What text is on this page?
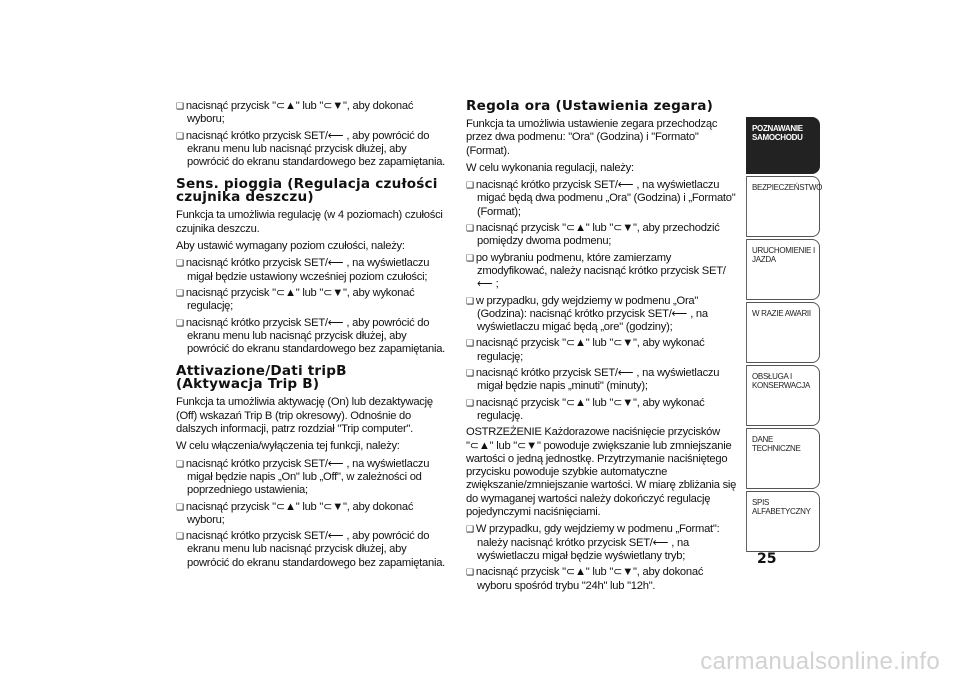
❑ nacisnąć przycisk "⊂▲" lub "⊂▼", aby dokonać wyboru;

❑ nacisnąć krótko przycisk SET/⟵ , aby powrócić do ekranu menu lub nacisnąć przycisk dłużej, aby powrócić do ekranu standardowego bez zapamiętania.

Sens. pioggia (Regulacja czułości
czujnika deszczu)

Funkcja ta umożliwia regulację (w 4 poziomach) czułości czujnika deszczu.

Aby ustawić wymagany poziom czułości, należy:

❑ nacisnąć krótko przycisk SET/⟵ , na wyświetlaczu migał będzie ustawiony wcześniej poziom czułości;

❑ nacisnąć przycisk "⊂▲" lub "⊂▼", aby wykonać regulację;

❑ nacisnąć krótko przycisk SET/⟵ , aby powrócić do ekranu menu lub nacisnąć przycisk dłużej, aby powrócić do ekranu standardowego bez zapamiętania.

Attivazione/Dati tripB
(Aktywacja Trip B)

Funkcja ta umożliwia aktywację (On) lub dezaktywację (Off) wskazań Trip B (trip okresowy). Odnośnie do dalszych informacji, patrz rozdział "Trip computer".

W celu włączenia/wyłączenia tej funkcji, należy:

❑ nacisnąć krótko przycisk SET/⟵ , na wyświetlaczu migał będzie napis „On" lub „Off", w zależności od poprzedniego ustawienia;

❑ nacisnąć przycisk "⊂▲" lub "⊂▼", aby dokonać wyboru;

❑ nacisnąć krótko przycisk SET/⟵ , aby powrócić do ekranu menu lub nacisnąć przycisk dłużej, aby powrócić do ekranu standardowego bez zapamiętania.

Regola ora (Ustawienia zegara)

Funkcja ta umożliwia ustawienie zegara przechodząc przez dwa podmenu: "Ora" (Godzina) i "Formato" (Format).

W celu wykonania regulacji, należy:

❑ nacisnąć krótko przycisk SET/⟵ , na wyświetlaczu migać będą dwa podmenu „Ora" (Godzina) i „Formato" (Format);

❑ nacisnąć przycisk "⊂▲" lub "⊂▼", aby przechodzić pomiędzy dwoma podmenu;

❑ po wybraniu podmenu, które zamierzamy zmodyfikować, należy nacisnąć krótko przycisk SET/⟵ ;

❑ w przypadku, gdy wejdziemy w podmenu „Ora" (Godzina): nacisnąć krótko przycisk SET/⟵ , na wyświetlaczu migać będą „ore" (godziny);

❑ nacisnąć przycisk "⊂▲" lub "⊂▼", aby wykonać regulację;

❑ nacisnąć krótko przycisk SET/⟵ , na wyświetlaczu migał będzie napis „minuti" (minuty);

❑ nacisnąć przycisk "⊂▲" lub "⊂▼", aby wykonać regulację.

OSTRZEŻENIE Każdorazowe naciśnięcie przycisków "⊂▲" lub "⊂▼" powoduje zwiększanie lub zmniejszanie wartości o jedną jednostkę. Przytrzymanie naciśniętego przycisku powoduje szybkie automatyczne zwiększanie/zmniejszanie wartości. W miarę zbliżania się do wymaganej wartości należy dokończyć regulację pojedynczymi naciśnięciami.

❑ W przypadku, gdy wejdziemy w podmenu „Format": należy nacisnąć krótko przycisk SET/⟵ , na wyświetlaczu migał będzie wyświetlany tryb;

❑ nacisnąć przycisk "⊂▲" lub "⊂▼", aby dokonać wyboru spośród trybu "24h" lub "12h".

POZNAWANIE SAMOCHODU
BEZPIECZEŃSTWO
URUCHOMIENIE I JAZDA
W RAZIE AWARII
OBSŁUGA I KONSERWACJA
DANE TECHNICZNE
SPIS ALFABETYCZNY
25
carmanualsonline.info
